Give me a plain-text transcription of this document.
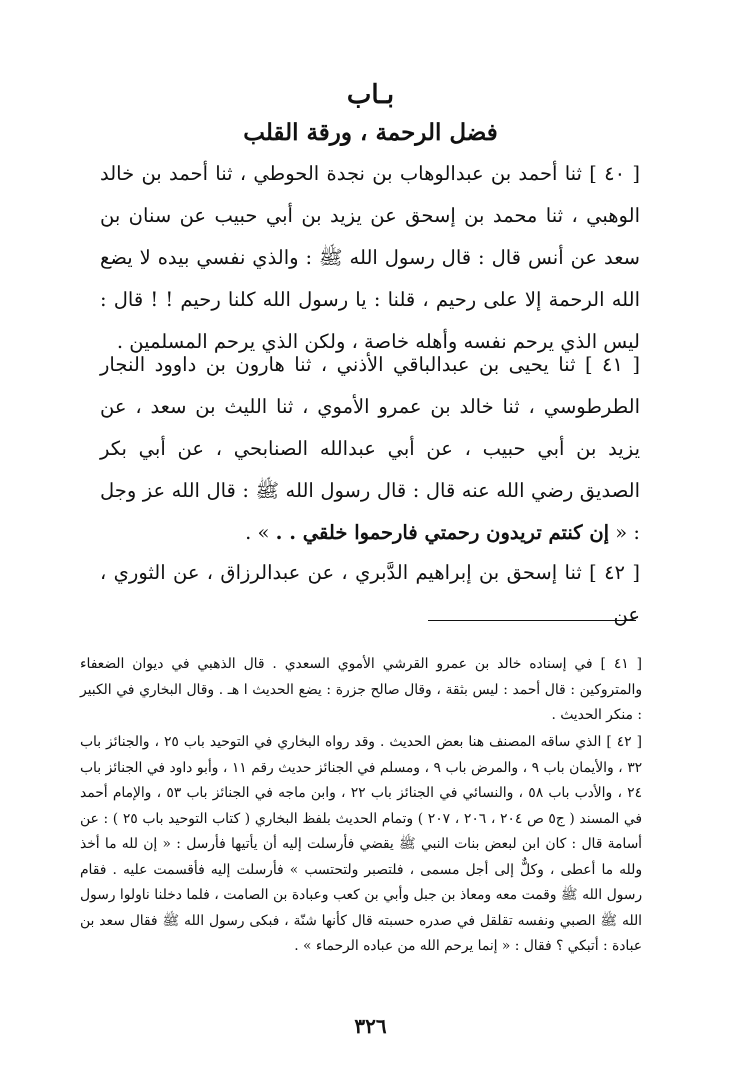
بـاب
فضل الرحمة ، ورقة القلب
[ ٤٠ ] ثنا أحمد بن عبدالوهاب بن نجدة الحوطي ، ثنا أحمد بن خالد الوهبي ، ثنا محمد بن إسحق عن يزيد بن أبي حبيب عن سنان بن سعد عن أنس قال : قال رسول الله ﷺ : والذي نفسي بيده لا يضع الله الرحمة إلا على رحيم ، قلنا : يا رسول الله كلنا رحيم ! ! قال : ليس الذي يرحم نفسه وأهله خاصة ، ولكن الذي يرحم المسلمين .
[ ٤١ ] ثنا يحيى بن عبدالباقي الأذني ، ثنا هارون بن داوود النجار الطرطوسي ، ثنا خالد بن عمرو الأموي ، ثنا الليث بن سعد ، عن يزيد بن أبي حبيب ، عن أبي عبدالله الصنابحي ، عن أبي بكر الصديق رضي الله عنه قال : قال رسول الله ﷺ : قال الله عز وجل : « إن كنتم تريدون رحمتي فارحموا خلقي . . » .
[ ٤٢ ] ثنا إسحق بن إبراهيم الدَّبري ، عن عبدالرزاق ، عن الثوري ، عن
[ ٤١ ] في إسناده خالد بن عمرو القرشي الأموي السعدي . قال الذهبي في ديوان الضعفاء والمتروكين : قال أحمد : ليس بثقة ، وقال صالح جزرة : يضع الحديث ا هـ . وقال البخاري في الكبير : منكر الحديث .
[ ٤٢ ] الذي ساقه المصنف هنا بعض الحديث . وقد رواه البخاري في التوحيد باب ٢٥ ، والجنائز باب ٣٢ ، والأيمان باب ٩ ، والمرض باب ٩ ، ومسلم في الجنائز حديث رقم ١١ ، وأبو داود في الجنائز باب ٢٤ ، والأدب باب ٥٨ ، والنسائي في الجنائز باب ٢٢ ، وابن ماجه في الجنائز باب ٥٣ ، والإمام أحمد في المسند ( ج٥ ص ٢٠٤ ، ٢٠٦ ، ٢٠٧ ) وتمام الحديث بلفظ البخاري ( كتاب التوحيد باب ٢٥ ) : عن أسامة قال : كان ابن لبعض بنات النبي ﷺ يقضي فأرسلت إليه أن يأتيها فأرسل : « إن لله ما أخذ ولله ما أعطى ، وكلٌّ إلى أجل مسمى ، فلتصبر ولتحتسب » فأرسلت إليه فأقسمت عليه . فقام رسول الله ﷺ وقمت معه ومعاذ بن جبل وأبي بن كعب وعبادة بن الصامت ، فلما دخلنا ناولوا رسول الله ﷺ الصبي ونفسه تقلقل في صدره حسبته قال كأنها شنّة ، فبكى رسول الله ﷺ فقال سعد بن عبادة : أتبكي ؟ فقال : « إنما يرحم الله من عباده الرحماء » .
٣٢٦
